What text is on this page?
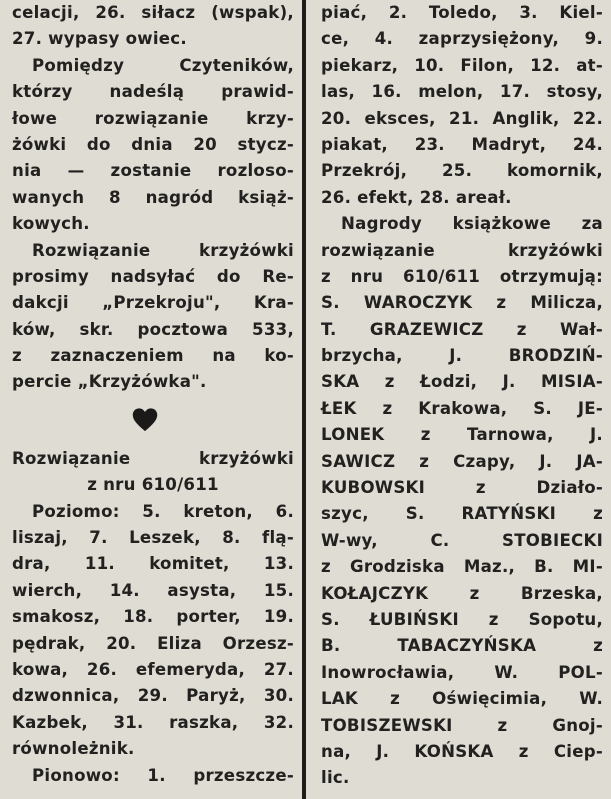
celacji, 26. siłacz (wspak),
27. wypasy owiec.
Pomiędzy Czyteników,
którzy nadeślą prawid-
łowe rozwiązanie krzy-
żówki do dnia 20 stycz-
nia — zostanie rozloso-
wanych 8 nagród książ-
kowych.
Rozwiązanie krzyżówki
prosimy nadsyłać do Re-
dakcji „Przekroju", Kra-
ków, skr. pocztowa 533,
z zaznaczeniem na ko-
percie „Krzyżówka".
Rozwiązanie krzyżówki
z nru 610/611
Poziomo: 5. kreton, 6.
liszaj, 7. Leszek, 8. flą-
dra, 11. komitet, 13.
wierch, 14. asysta, 15.
smakosz, 18. porter, 19.
pędrak, 20. Eliza Orzesz-
kowa, 26. efemeryda, 27.
dzwonnica, 29. Paryż, 30.
Kazbek, 31. raszka, 32.
równoleżnik.
Pionowo: 1. przeszcze-
piać, 2. Toledo, 3. Kiel-
ce, 4. zaprzysiężony, 9.
piekarz, 10. Filon, 12. at-
las, 16. melon, 17. stosy,
20. eksces, 21. Anglik, 22.
piakat, 23. Madryt, 24.
Przekrój, 25. komornik,
26. efekt, 28. areał.
Nagrody książkowe za
rozwiązanie krzyżówki
z nru 610/611 otrzymują:
S. WAROCZYK z Milicza,
T. GRAZEWICZ z Wał-
brzycha, J. BRODZIŃ-
SKA z Łodzi, J. MISIA-
ŁEK z Krakowa, S. JE-
LONEK z Tarnowa, J.
SAWICZ z Czapy, J. JA-
KUBOWSKI z Działo-
szyc, S. RATYŃSKI z
W-wy, C. STOBIECKI
z Grodziska Maz., B. MI-
KOŁAJCZYK z Brzeska,
S. ŁUBIŃSKI z Sopotu,
B. TABACZYŃSKA z
Inowrocławia, W. POL-
LAK z Oświęcimia, W.
TOBISZEWSKI z Gnoj-
na, J. KOŃSKA z Ciep-
lic.
